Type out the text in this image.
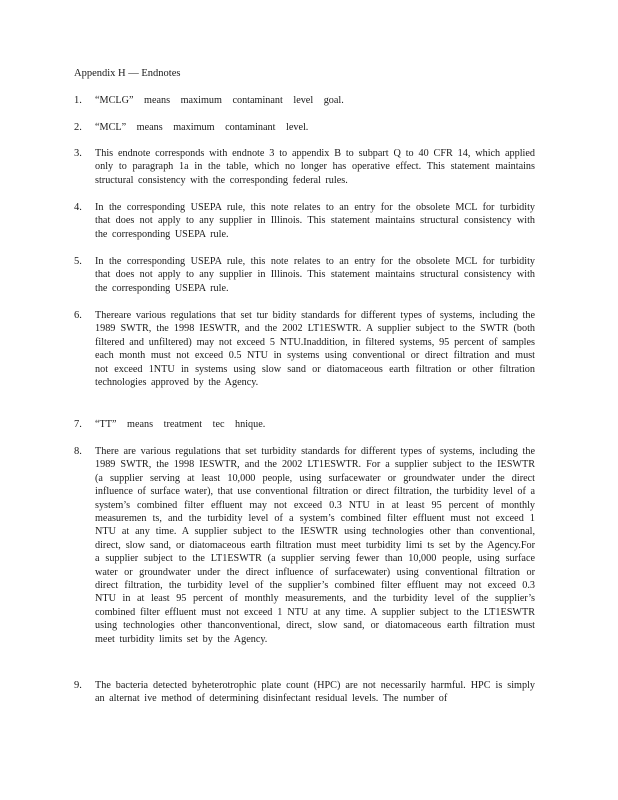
Appendix H — Endnotes
1. “MCLG” means maximum contaminant level goal.
2. “MCL” means maximum contaminant level.
3. This endnote corresponds with endnote 3 to appendix B to subpart Q to 40 CFR 14, which applied only to paragraph 1a in the table, which no longer has operative effect. This statement maintains structural consistency with the corresponding federal rules.
4. In the corresponding USEPA rule, this note relates to an entry for the obsolete MCL for turbidity that does not apply to any supplier in Illinois. This statement maintains structural consistency with the corresponding USEPA rule.
5. In the corresponding USEPA rule, this note relates to an entry for the obsolete MCL for turbidity that does not apply to any supplier in Illinois. This statement maintains structural consistency with the corresponding USEPA rule.
6. Thereare various regulations that set tur bidity standards for different types of systems, including the 1989 SWTR, the 1998 IESWTR, and the 2002 LT1ESWTR. A supplier subject to the SWTR (both filtered and unfiltered) may not exceed 5 NTU.Inaddition, in filtered systems, 95 percent of samples each month must not exceed 0.5 NTU in systems using conventional or direct filtration and must not exceed 1NTU in systems using slow sand or diatomaceous earth filtration or other filtration technologies approved by the Agency.
7. “TT” means treatment tec hnique.
8. There are various regulations that set turbidity standards for different types of systems, including the 1989 SWTR, the 1998 IESWTR, and the 2002 LT1ESWTR. For a supplier subject to the IESWTR (a supplier serving at least 10,000 people, using surfacewater or groundwater under the direct influence of surface water), that use conventional filtration or direct filtration, the turbidity level of a system’s combined filter effluent may not exceed 0.3 NTU in at least 95 percent of monthly measuremen ts, and the turbidity level of a system’s combined filter effluent must not exceed 1 NTU at any time. A supplier subject to the IESWTR using technologies other than conventional, direct, slow sand, or diatomaceous earth filtration must meet turbidity limi ts set by the Agency.For a supplier subject to the LT1ESWTR (a supplier serving fewer than 10,000 people, using surface water or groundwater under the direct influence of surfacewater) using conventional filtration or direct filtration, the turbidity level of the supplier’s combined filter effluent may not exceed 0.3 NTU in at least 95 percent of monthly measurements, and the turbidity level of the supplier’s combined filter effluent must not exceed 1 NTU at any time. A supplier subject to the LT1ESWTR using technologies other thanconventional, direct, slow sand, or diatomaceous earth filtration must meet turbidity limits set by the Agency.
9. The bacteria detected byheterotrophic plate count (HPC) are not necessarily harmful. HPC is simply an alternat ive method of determining disinfectant residual levels. The number of
